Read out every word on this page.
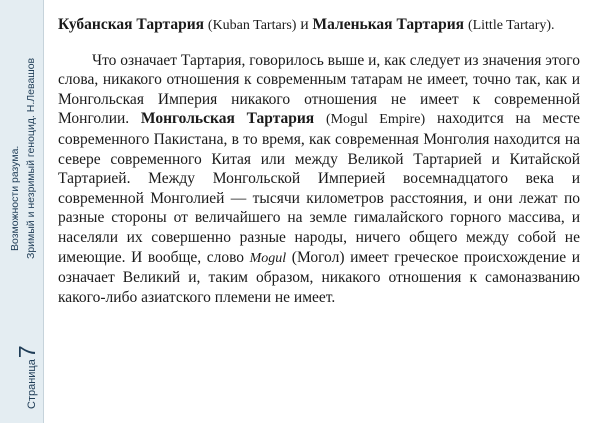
Возможности разума. Зримый и незримый геноцид. Н.Левашов
Страница7

Кубанская Тартария (Kuban Tartars) и Маленькая Тартария (Little Tartary).

Что означает Тартария, говорилось выше и, как следует из значения этого слова, никакого отношения к современным татарам не имеет, точно так, как и Монгольская Империя никакого отношения не имеет к современной Монголии. Монгольская Тартария (Mogul Empire) находится на месте современного Пакистана, в то время, как современная Монголия находится на севере современного Китая или между Великой Тартарией и Китайской Тартарией. Между Монгольской Империей восемнадцатого века и современной Монголией — тысячи километров расстояния, и они лежат по разные стороны от величайшего на земле гималайского горного массива, и населяли их совершенно разные народы, ничего общего между собой не имеющие. И вообще, слово Mogul (Могол) имеет греческое происхождение и означает Великий и, таким образом, никакого отношения к самоназванию какого-либо азиатского племени не имеет.
